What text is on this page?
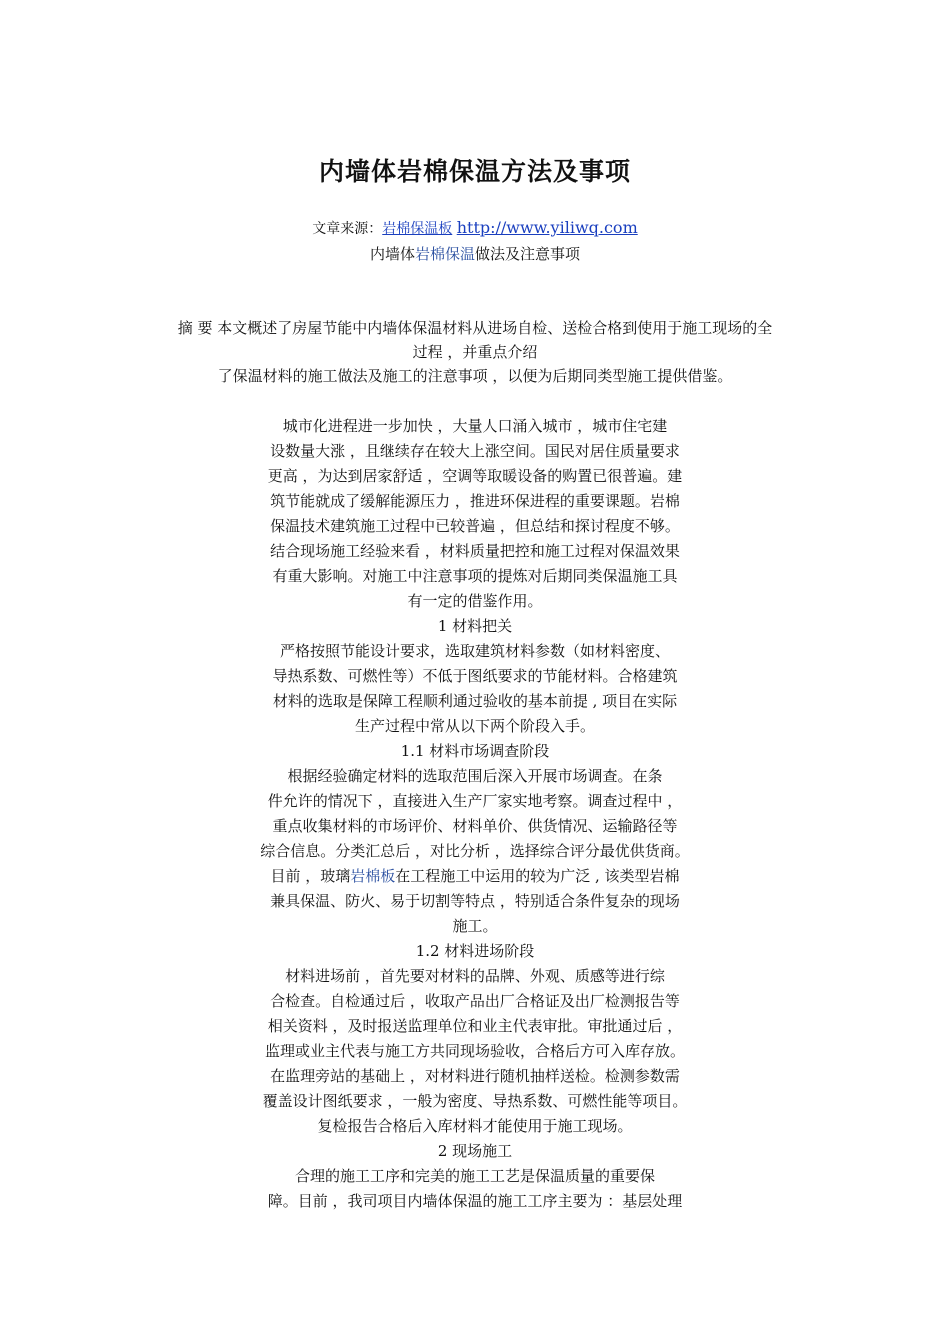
内墙体岩棉保温方法及事项
文章来源：岩棉保温板 http://www.yiliwq.com
内墙体岩棉保温做法及注意事项
摘 要 本文概述了房屋节能中内墙体保温材料从进场自检、送检合格到使用于施工现场的全
过程 ，并重点介绍
了保温材料的施工做法及施工的注意事项 ，以便为后期同类型施工提供借鉴。
城市化进程进一步加快 ，大量人口涌入城市 ，城市住宅建
设数量大涨 ，且继续存在较大上涨空间。国民对居住质量要求
更高 ，为达到居家舒适 ，空调等取暖设备的购置已很普遍。建
筑节能就成了缓解能源压力 ，推进环保进程的重要课题。岩棉
保温技术建筑施工过程中已较普遍 ，但总结和探讨程度不够。
结合现场施工经验来看 ，材料质量把控和施工过程对保温效果
有重大影响。对施工中注意事项的提炼对后期同类保温施工具
有一定的借鉴作用。
1 材料把关
严格按照节能设计要求，选取建筑材料参数（如材料密度、
导热系数、可燃性等）不低于图纸要求的节能材料。合格建筑
材料的选取是保障工程顺利通过验收的基本前提 , 项目在实际
生产过程中常从以下两个阶段入手。
1.1 材料市场调查阶段
根据经验确定材料的选取范围后深入开展市场调查。在条
件允许的情况下 ，直接进入生产厂家实地考察。调查过程中 ，
重点收集材料的市场评价、材料单价、供货情况、运输路径等
综合信息。分类汇总后 ，对比分析 ，选择综合评分最优供货商。
目前 ，玻璃岩棉板在工程施工中运用的较为广泛 , 该类型岩棉
兼具保温、防火、易于切割等特点 ，特别适合条件复杂的现场
施工。
1.2 材料进场阶段
材料进场前 ，首先要对材料的品牌、外观、质感等进行综
合检查。自检通过后 ，收取产品出厂合格证及出厂检测报告等
相关资料 ，及时报送监理单位和业主代表审批。审批通过后 ，
监理或业主代表与施工方共同现场验收，合格后方可入库存放。
在监理旁站的基础上 ，对材料进行随机抽样送检。检测参数需
覆盖设计图纸要求 ，一般为密度、导热系数、可燃性能等项目。
复检报告合格后入库材料才能使用于施工现场。
2 现场施工
合理的施工工序和完美的施工工艺是保温质量的重要保
障。目前 ，我司项目内墙体保温的施工工序主要为 ：基层处理
